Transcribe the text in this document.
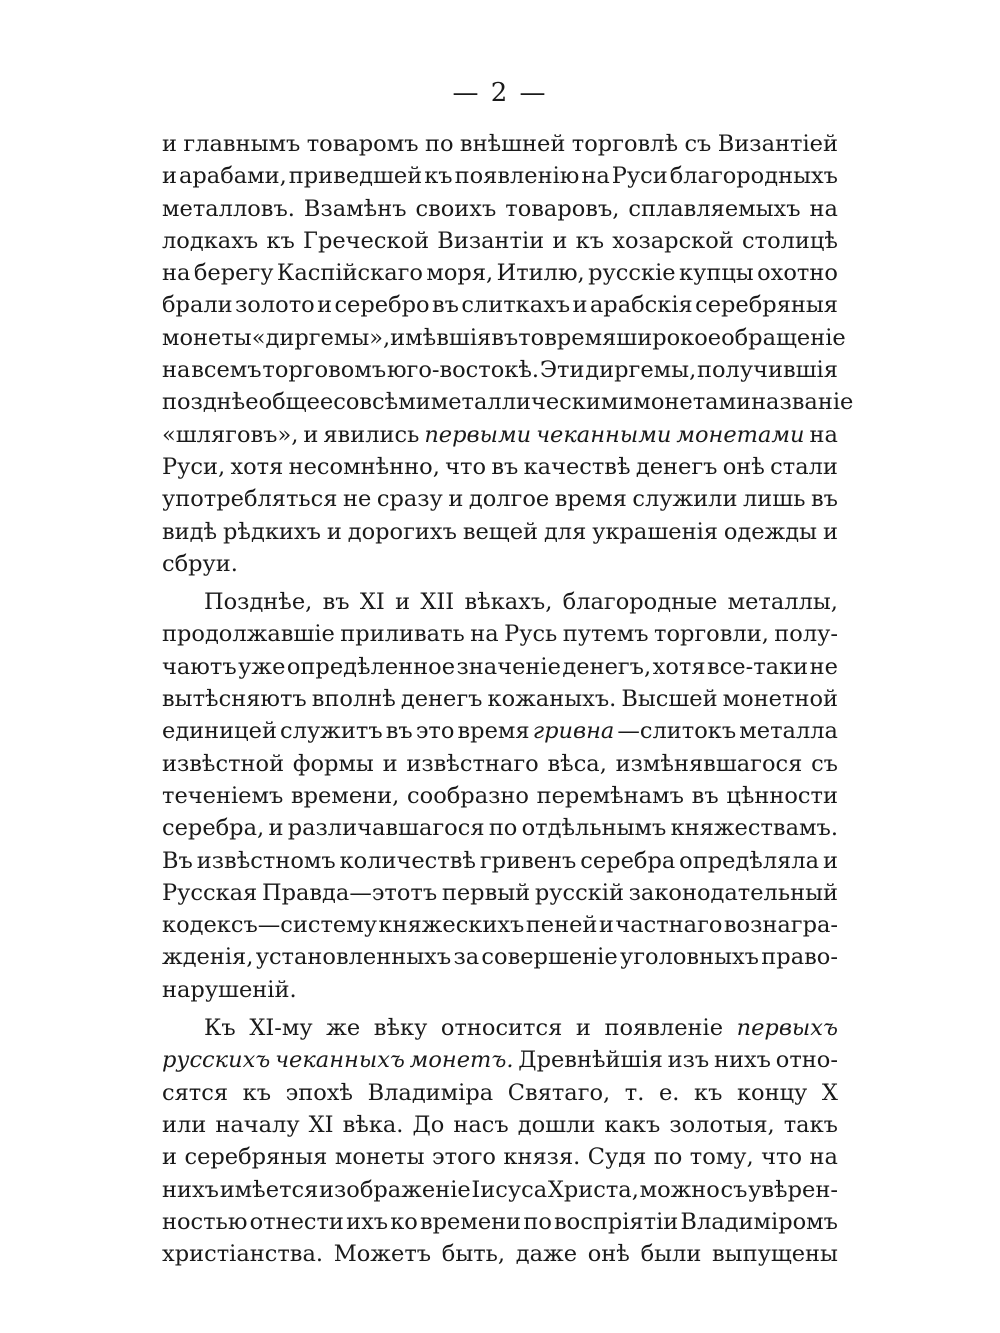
— 2 —
и главнымъ товаромъ по внѣшней торговлѣ съ Византіей
и арабами, приведшей къ появленію на Руси благородныхъ
металловъ. Взамѣнъ своихъ товаровъ, сплавляемыхъ на
лодкахъ къ Греческой Византіи и къ хозарской столицѣ
на берегу Каспійскаго моря, Итилю, русскіе купцы охотно
брали золото и серебро въ слиткахъ и арабскія серебряныя
монеты «диргемы», имѣвшія въ то время широкое обращеніе
на всемъ торговомъ юго-востокѣ. Эти диргемы, получившія
позднѣе общее со всѣми металлическими монетами названіе
«шляговъ», и явились первыми чеканными монетами на
Руси, хотя несомнѣнно, что въ качествѣ денегъ онѣ стали
употребляться не сразу и долгое время служили лишь въ
видѣ рѣдкихъ и дорогихъ вещей для украшенія одежды и
сбруи.
Позднѣе, въ XI и XII вѣкахъ, благородные металлы,
продолжавшіе приливать на Русь путемъ торговли, полу-
чаютъ уже опредѣленное значеніе денегъ, хотя все-таки не
вытѣсняютъ вполнѣ денегъ кожаныхъ. Высшей монетной
единицей служитъ въ это время гривна —слитокъ металла
извѣстной формы и извѣстнаго вѣса, измѣнявшагося съ
теченіемъ времени, сообразно перемѣнамъ въ цѣнности
серебра, и различавшагося по отдѣльнымъ княжествамъ.
Въ извѣстномъ количествѣ гривенъ серебра опредѣляла и
Русская Правда—этотъ первый русскій законодательный
кодексъ—систему княжескихъ пеней и частнаго вознагра-
жденія, установленныхъ за совершеніе уголовныхъ право-
нарушеній.
Къ XI-му же вѣку относится и появленіе первыхъ
русскихъ чеканныхъ монетъ. Древнѣйшія изъ нихъ отно-
сятся къ эпохѣ Владиміра Святаго, т. е. къ концу X
или началу XI вѣка. До насъ дошли какъ золотыя, такъ
и серебряныя монеты этого князя. Судя по тому, что на
нихъ имѣется изображеніе Іисуса Христа, можно съ увѣрен-
ностью отнести ихъ ко времени по воспріятіи Владиміромъ
христіанства. Можетъ быть, даже онѣ были выпущены
